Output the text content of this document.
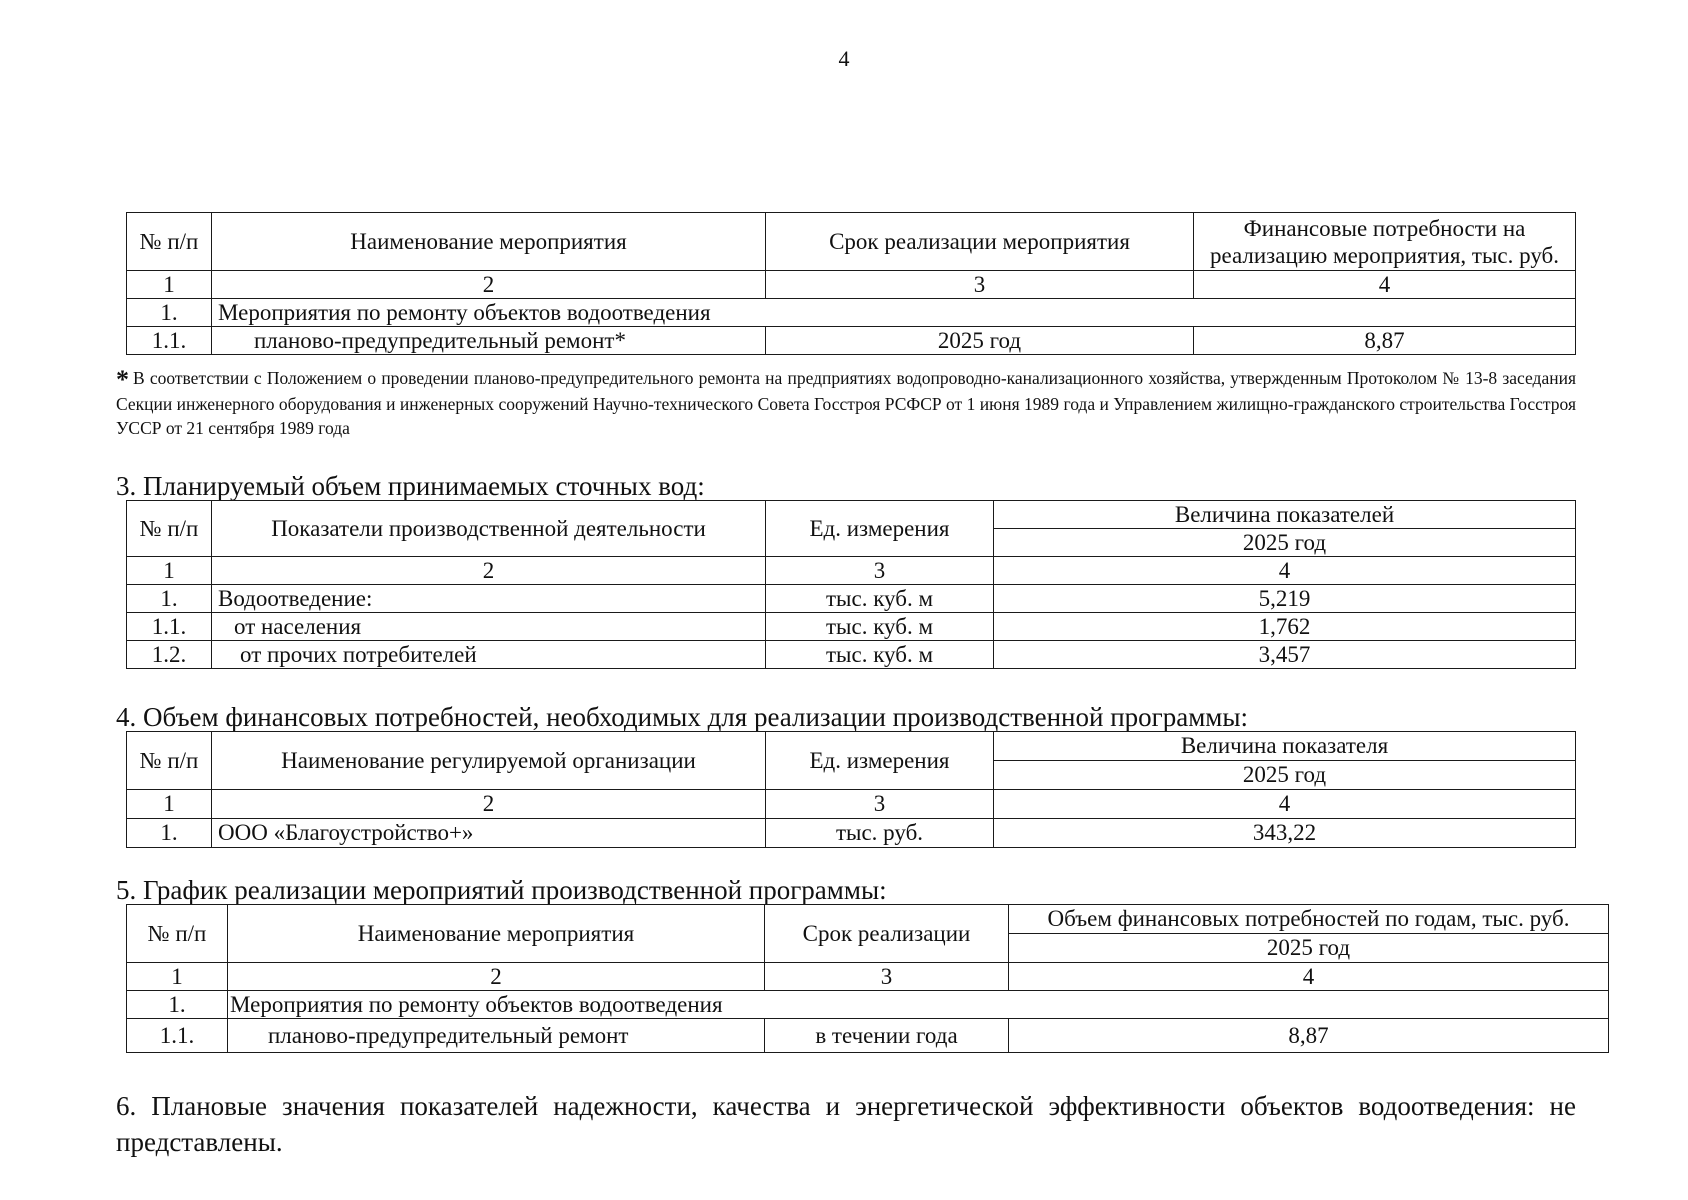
4
№ п/п	Наименование мероприятия	Срок реализации мероприятия	Финансовые потребности на реализацию мероприятия, тыс. руб.
1	2	3	4
1.	Мероприятия по ремонту объектов водоотведения		
1.1.	планово-предупредительный ремонт*	2025 год	8,87
* В соответствии с Положением о проведении планово-предупредительного ремонта на предприятиях водопроводно-канализационного хозяйства, утвержденным Протоколом № 13-8 заседания Секции инженерного оборудования и инженерных сооружений Научно-технического Совета Госстроя РСФСР от 1 июня 1989 года и Управлением жилищно-гражданского строительства Госстроя УССР от 21 сентября 1989 года
3. Планируемый объем принимаемых сточных вод:
№ п/п	Показатели производственной деятельности	Ед. измерения	Величина показателей
			2025 год
1	2	3	4
1.	Водоотведение:	тыс. куб. м	5,219
1.1.	от населения	тыс. куб. м	1,762
1.2.	от прочих потребителей	тыс. куб. м	3,457
4. Объем финансовых потребностей, необходимых для реализации производственной программы:
№ п/п	Наименование регулируемой организации	Ед. измерения	Величина показателя
			2025 год
1	2	3	4
1.	ООО «Благоустройство+»	тыс. руб.	343,22
5. График реализации мероприятий производственной программы:
№ п/п	Наименование мероприятия	Срок реализации	Объем финансовых потребностей по годам, тыс. руб.
			2025 год
1	2	3	4
1.	Мероприятия по ремонту объектов водоотведения		
1.1.	планово-предупредительный ремонт	в течении года	8,87
6. Плановые значения показателей надежности, качества и энергетической эффективности объектов водоотведения: не представлены.
